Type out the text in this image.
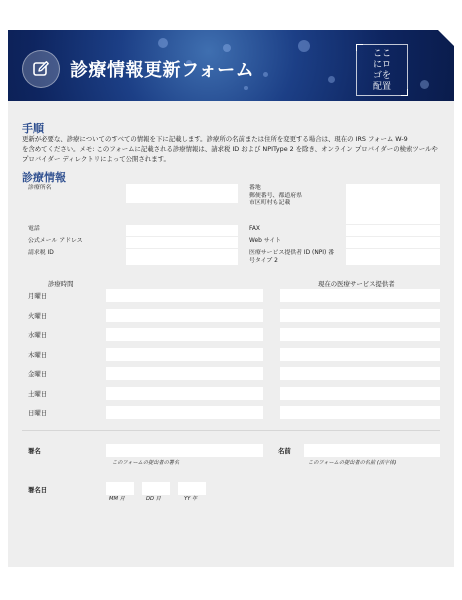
診療情報更新フォーム
ここ
にロ
ゴを
配置
手順
更新が必要な、診療についてのすべての情報を下に記載します。診療所の名前または住所を変更する場合は、現在の IRS フォーム W-9
を含めてください。メモ: このフォームに記載される診療情報は、請求税 ID および NPIType 2 を除き、オンライン プロバイダーの検索ツールや
プロバイダー ディレクトリによって公開されます。
診療情報
診療所名	番地
郵便番号、都道府県
市区町村も記載
電話	FAX
公式メール アドレス	Web サイト
請求税 ID	医療サービス提供者 ID (NPI) 番
号タイプ 2
診療時間	現在の医療サービス提供者
月曜日
火曜日
水曜日
木曜日
金曜日
土曜日
日曜日
署名
このフォームの提出者の署名
名前
このフォームの提出者の名前 (活字体)
署名日
MM 月	DD 日	YY 年
